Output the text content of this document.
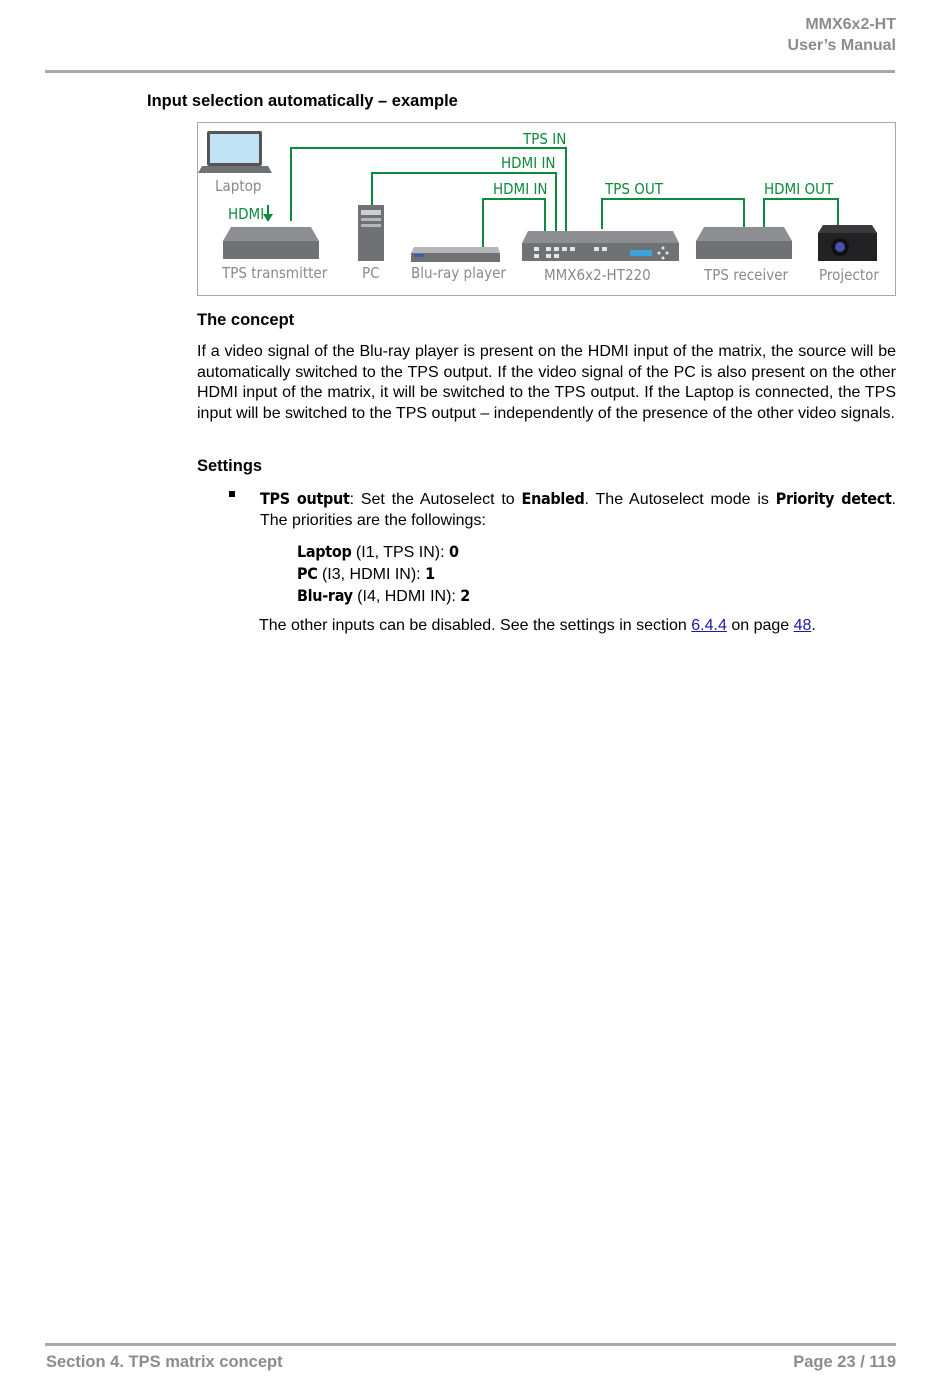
MMX6x2-HT
User’s Manual
Input selection automatically – example
TPS IN
HDMI IN
HDMI IN	TPS OUT	HDMI OUT
HDMI
Laptop
TPS transmitter PC Blu-ray player	MMX6x2-HT220	TPS receiver Projector
The concept
If a video signal of the Blu-ray player is present on the HDMI input of the matrix, the source will be automatically switched to the TPS output. If the video signal of the PC is also present on the other HDMI input of the matrix, it will be switched to the TPS output. If the Laptop is connected, the TPS input will be switched to the TPS output – independently of the presence of the other video signals.
Settings
TPS output: Set the Autoselect to Enabled. The Autoselect mode is Priority detect. The priorities are the followings:
Laptop (I1, TPS IN): 0
PC (I3, HDMI IN): 1
Blu-ray (I4, HDMI IN): 2
The other inputs can be disabled. See the settings in section 6.4.4 on page 48.
Section 4. TPS matrix concept	Page 23 / 119
